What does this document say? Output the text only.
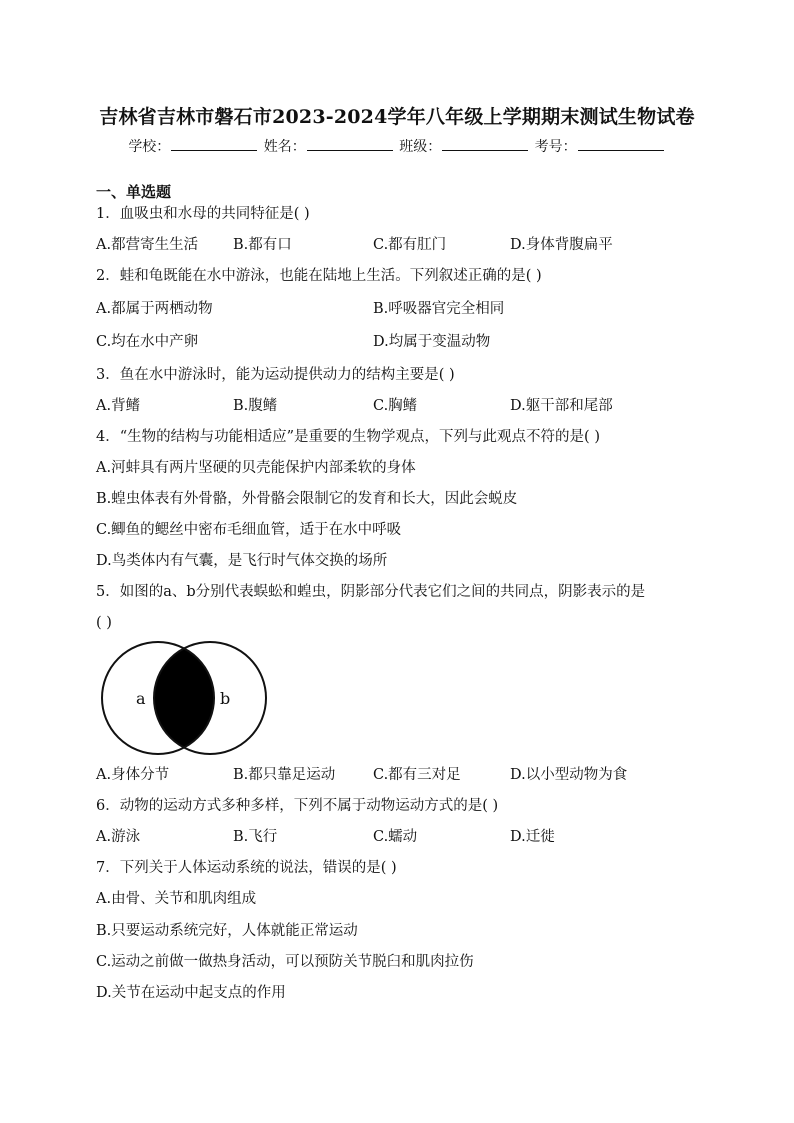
吉林省吉林市磐石市2023-2024学年八年级上学期期末测试生物试卷
学校：	姓名：	班级：	考号：
一、单选题
1．血吸虫和水母的共同特征是( )
A.都营寄生生活 B.都有口	C.都有肛门	D.身体背腹扁平
2．蛙和龟既能在水中游泳，也能在陆地上生活。下列叙述正确的是( )
A.都属于两栖动物	B.呼吸器官完全相同
C.均在水中产卵	D.均属于变温动物
3．鱼在水中游泳时，能为运动提供动力的结构主要是( )
A.背鳍	B.腹鳍	C.胸鳍	D.躯干部和尾部
4．“生物的结构与功能相适应”是重要的生物学观点，下列与此观点不符的是( )
A.河蚌具有两片坚硬的贝壳能保护内部柔软的身体
B.蝗虫体表有外骨骼，外骨骼会限制它的发育和长大，因此会蜕皮
C.鲫鱼的鳃丝中密布毛细血管，适于在水中呼吸
D.鸟类体内有气囊，是飞行时气体交换的场所
5．如图的a、b分别代表蜈蚣和蝗虫，阴影部分代表它们之间的共同点，阴影表示的是
( )
a	b
A.身体分节	B.都只靠足运动	C.都有三对足	D.以小型动物为食
6．动物的运动方式多种多样，下列不属于动物运动方式的是( )
A.游泳	B.飞行	C.蠕动	D.迁徙
7．下列关于人体运动系统的说法，错误的是( )
A.由骨、关节和肌肉组成
B.只要运动系统完好，人体就能正常运动
C.运动之前做一做热身活动，可以预防关节脱臼和肌肉拉伤
D.关节在运动中起支点的作用
